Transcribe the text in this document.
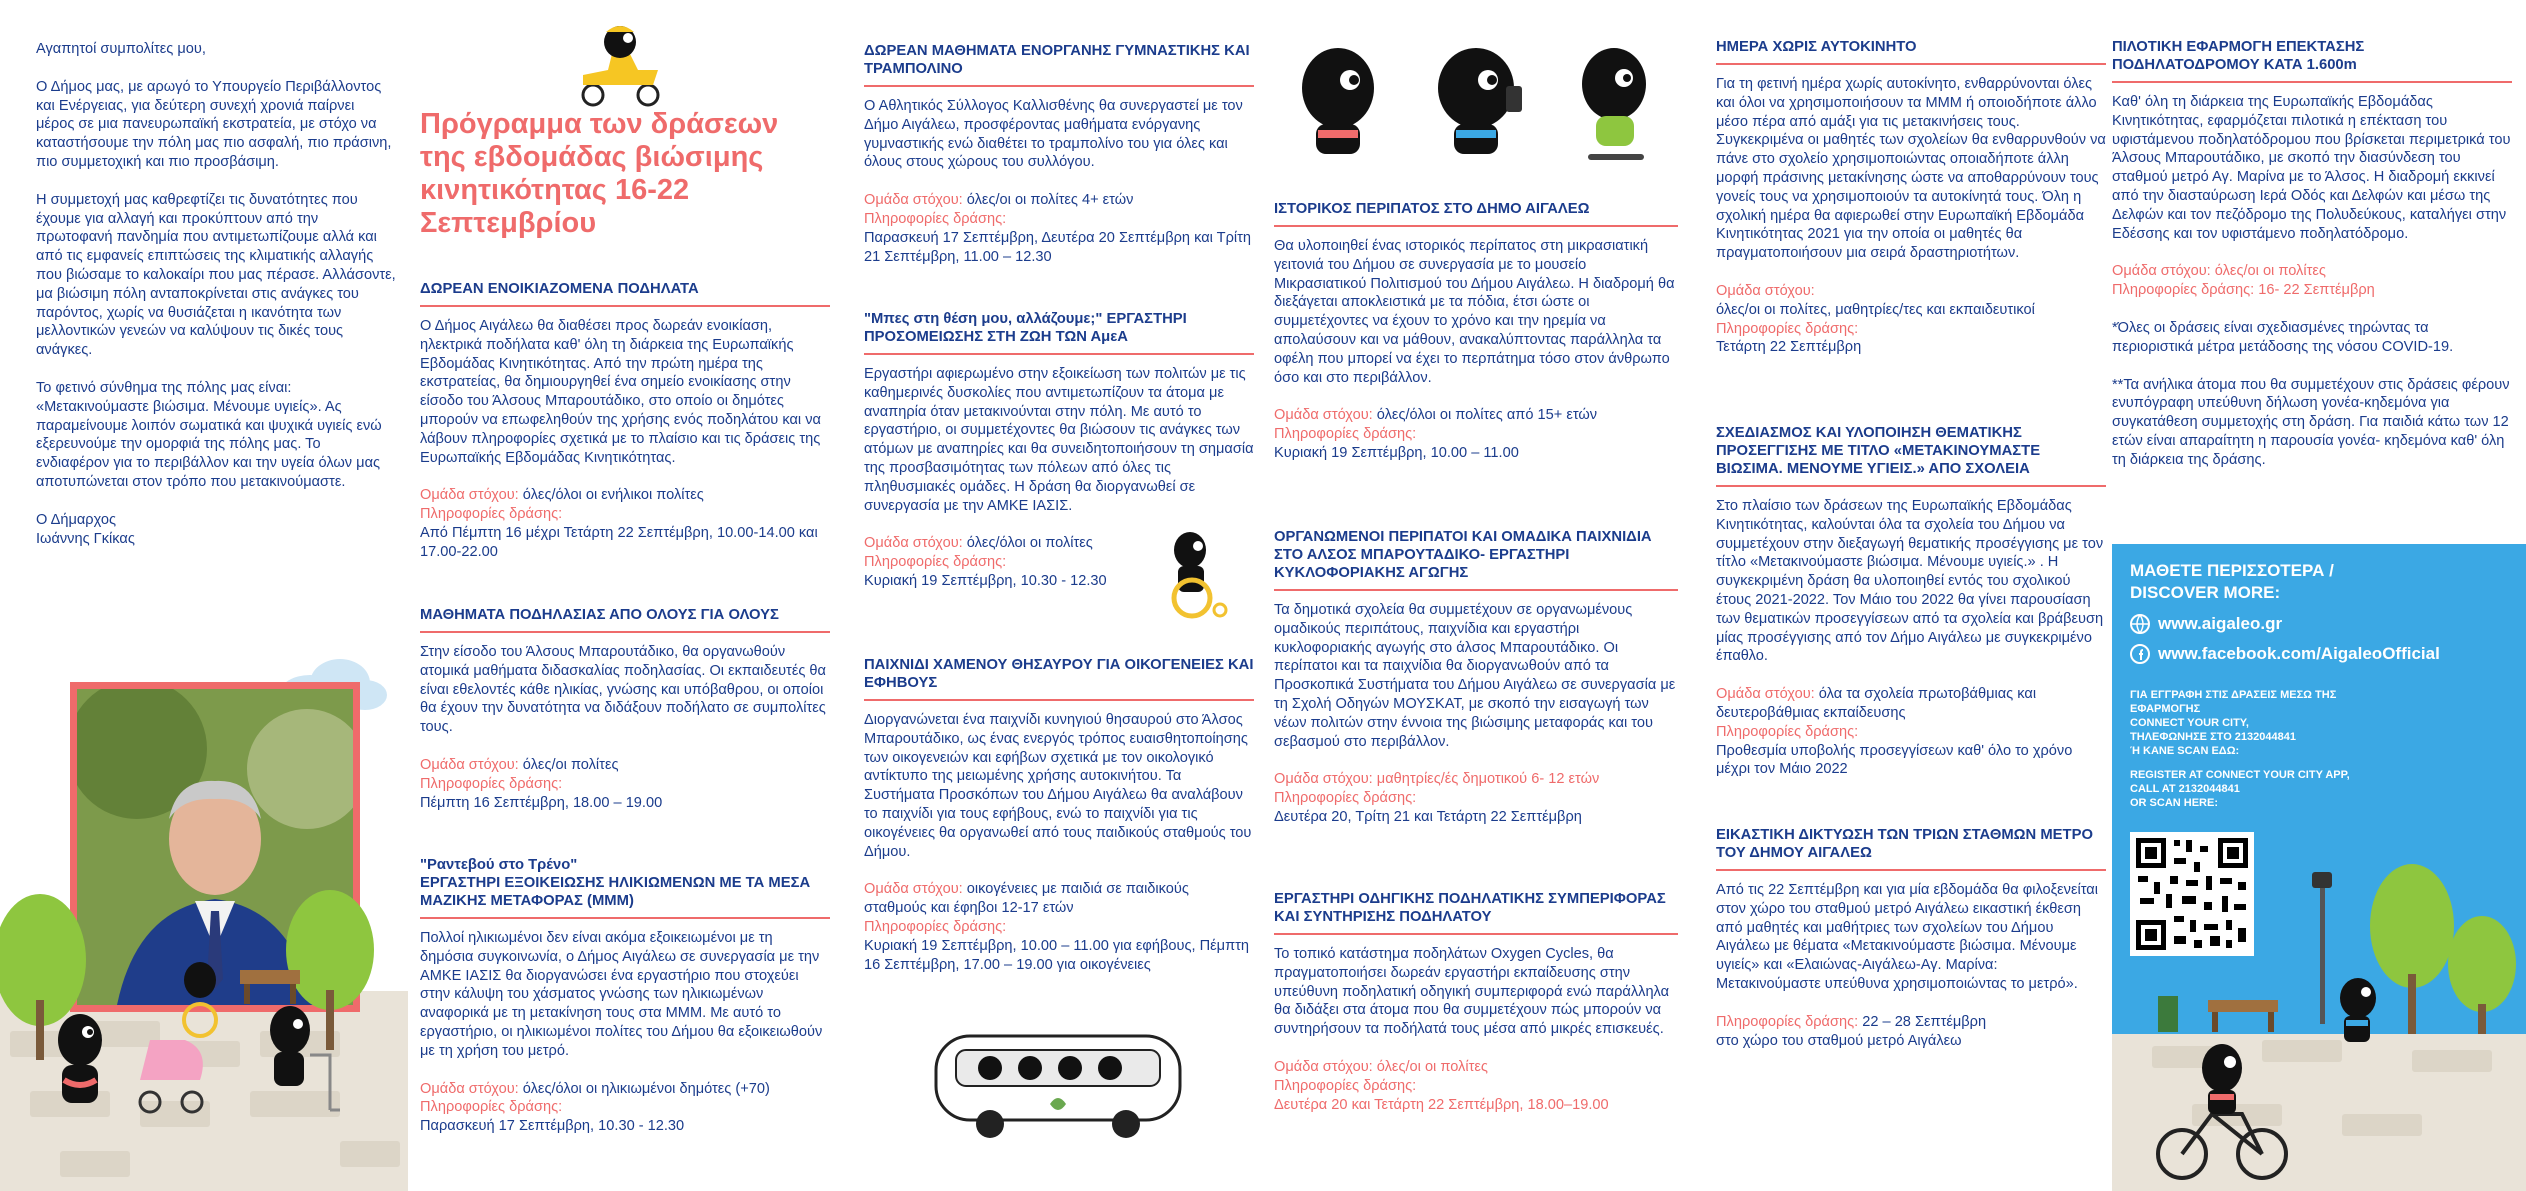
Αγαπητοί συμπολίτες μου,

Ο Δήμος μας, με αρωγό το Υπουργείο Περιβάλλοντος και Ενέργειας, για δεύτερη συνεχή χρονιά παίρνει μέρος σε μια πανευρωπαϊκή εκστρατεία, με στόχο να καταστήσουμε την πόλη μας πιο ασφαλή, πιο πράσινη, πιο συμμετοχική και πιο προσβάσιμη.

Η συμμετοχή μας καθρεφτίζει τις δυνατότητες που έχουμε για αλλαγή και προκύπτουν από την πρωτοφανή πανδημία που αντιμετωπίζουμε αλλά και από τις εμφανείς επιπτώσεις της κλιματικής αλλαγής που βιώσαμε το καλοκαίρι που μας πέρασε. Αλλάσοντε, μα βιώσιμη πόλη ανταποκρίνεται στις ανάγκες του παρόντος, χωρίς να θυσιάζεται η ικανότητα των μελλοντικών γενεών να καλύψουν τις δικές τους ανάγκες.

Το φετινό σύνθημα της πόλης μας είναι: «Μετακινούμαστε βιώσιμα. Μένουμε υγιείς». Ας παραμείνουμε λοιπόν σωματικά και ψυχικά υγιείς ενώ εξερευνούμε την ομορφιά της πόλης μας. Το ενδιαφέρον για το περιβάλλον και την υγεία όλων μας αποτυπώνεται στον τρόπο που μετακινούμαστε.

Ο Δήμαρχος

Ιωάννης Γκίκας

Πρόγραμμα των δράσεων της εβδομάδας βιώσιμης κινητικότητας 16-22 Σεπτεμβρίου
ΔΩΡΕΑΝ ΕΝΟΙΚΙΑΖΟΜΕΝΑ ΠΟΔΗΛΑΤΑ

Ο Δήμος Αιγάλεω θα διαθέσει προς δωρεάν ενοικίαση, ηλεκτρικά ποδήλατα καθ' όλη τη διάρκεια της Ευρωπαϊκής Εβδομάδας Κινητικότητας. Από την πρώτη ημέρα της εκστρατείας, θα δημιουργηθεί ένα σημείο ενοικίασης στην είσοδο του Άλσους Μπαρουτάδικο, στο οποίο οι δημότες μπορούν να επωφεληθούν της χρήσης ενός ποδηλάτου και να λάβουν πληροφορίες σχετικά με το πλαίσιο και τις δράσεις της Ευρωπαϊκής Εβδομάδας Κινητικότητας.

Ομάδα στόχου: όλες/όλοι οι ενήλικοι πολίτες

Πληροφορίες δράσης:

Από Πέμπτη 16 μέχρι Τετάρτη 22 Σεπτέμβρη, 10.00-14.00 και 17.00-22.00

ΜΑΘΗΜΑΤΑ ΠΟΔΗΛΑΣΙΑΣ ΑΠΟ ΟΛΟΥΣ ΓΙΑ ΟΛΟΥΣ

Στην είσοδο του Άλσους Μπαρουτάδικο, θα οργανωθούν ατομικά μαθήματα διδασκαλίας ποδηλασίας. Οι εκπαιδευτές θα είναι εθελοντές κάθε ηλικίας, γνώσης και υπόβαθρου, οι οποίοι θα έχουν την δυνατότητα να διδάξουν ποδήλατο σε συμπολίτες τους.

Ομάδα στόχου: όλες/οι πολίτες

Πληροφορίες δράσης:

Πέμπτη 16 Σεπτέμβρη, 18.00 – 19.00

"Ραντεβού στο Τρένο"

ΕΡΓΑΣΤΗΡΙ ΕΞΟΙΚΕΙΩΣΗΣ ΗΛΙΚΙΩΜΕΝΩΝ ΜΕ ΤΑ ΜΕΣΑ ΜΑΖΙΚΗΣ ΜΕΤΑΦΟΡΑΣ (ΜΜΜ)

Πολλοί ηλικιωμένοι δεν είναι ακόμα εξοικειωμένοι με τη δημόσια συγκοινωνία, ο Δήμος Αιγάλεω σε συνεργασία με την ΑΜΚΕ ΙΑΣΙΣ θα διοργανώσει ένα εργαστήριο που στοχεύει στην κάλυψη του χάσματος γνώσης των ηλικιωμένων αναφορικά με τη μετακίνηση τους στα ΜΜΜ. Με αυτό το εργαστήριο, οι ηλικιωμένοι πολίτες του Δήμου θα εξοικειωθούν με τη χρήση του μετρό.

Ομάδα στόχου: όλες/όλοι οι ηλικιωμένοι δημότες (+70)

Πληροφορίες δράσης:

Παρασκευή 17 Σεπτέμβρη, 10.30 - 12.30

ΔΩΡΕΑΝ ΜΑΘΗΜΑΤΑ ΕΝΟΡΓΑΝΗΣ ΓΥΜΝΑΣΤΙΚΗΣ ΚΑΙ ΤΡΑΜΠΟΛΙΝΟ

Ο Αθλητικός Σύλλογος Καλλισθένης θα συνεργαστεί με τον Δήμο Αιγάλεω, προσφέροντας μαθήματα ενόργανης γυμναστικής ενώ διαθέτει το τραμπολίνο του για όλες και όλους στους χώρους του συλλόγου.

Ομάδα στόχου: όλες/οι οι πολίτες 4+ ετών

Πληροφορίες δράσης:

Παρασκευή 17 Σεπτέμβρη, Δευτέρα 20 Σεπτέμβρη και Τρίτη 21 Σεπτέμβρη, 11.00 – 12.30

"Μπες στη θέση μου, αλλάζουμε;" ΕΡΓΑΣΤΗΡΙ ΠΡΟΣΟΜΕΙΩΣΗΣ ΣΤΗ ΖΩΗ ΤΩΝ ΑμεΑ

Εργαστήρι αφιερωμένο στην εξοικείωση των πολιτών με τις καθημερινές δυσκολίες που αντιμετωπίζουν τα άτομα με αναπηρία όταν μετακινούνται στην πόλη. Με αυτό το εργαστήριο, οι συμμετέχοντες θα βιώσουν τις ανάγκες των ατόμων με αναπηρίες και θα συνειδητοποιήσουν τη σημασία της προσβασιμότητας των πόλεων από όλες τις πληθυσμιακές ομάδες. Η δράση θα διοργανωθεί σε συνεργασία με την ΑΜΚΕ ΙΑΣΙΣ.

Ομάδα στόχου: όλες/όλοι οι πολίτες

Πληροφορίες δράσης:

Κυριακή 19 Σεπτέμβρη, 10.30 - 12.30

ΠΑΙΧΝΙΔΙ ΧΑΜΕΝΟΥ ΘΗΣΑΥΡΟΥ ΓΙΑ ΟΙΚΟΓΕΝΕΙΕΣ ΚΑΙ ΕΦΗΒΟΥΣ

Διοργανώνεται ένα παιχνίδι κυνηγιού θησαυρού στο Άλσος Μπαρουτάδικο, ως ένας ενεργός τρόπος ευαισθητοποίησης των οικογενειών και εφήβων σχετικά με τον οικολογικό αντίκτυπο της μειωμένης χρήσης αυτοκινήτου. Τα Συστήματα Προσκόπων του Δήμου Αιγάλεω θα αναλάβουν το παιχνίδι για τους εφήβους, ενώ το παιχνίδι για τις οικογένειες θα οργανωθεί από τους παιδικούς σταθμούς του Δήμου.

Ομάδα στόχου: οικογένειες με παιδιά σε παιδικούς σταθμούς και έφηβοι 12-17 ετών

Πληροφορίες δράσης:

Κυριακή 19 Σεπτέμβρη, 10.00 – 11.00 για εφήβους, Πέμπτη 16 Σεπτέμβρη, 17.00 – 19.00 για οικογένειες

ΙΣΤΟΡΙΚΟΣ ΠΕΡΙΠΑΤΟΣ ΣΤΟ ΔΗΜΟ ΑΙΓΑΛΕΩ

Θα υλοποιηθεί ένας ιστορικός περίπατος στη μικρασιατική γειτονιά του Δήμου σε συνεργασία με το μουσείο Μικρασιατικού Πολιτισμού του Δήμου Αιγάλεω. Η διαδρομή θα διεξάγεται αποκλειστικά με τα πόδια, έτσι ώστε οι συμμετέχοντες να έχουν το χρόνο και την ηρεμία να απολαύσουν και να μάθουν, ανακαλύπτοντας παράλληλα τα οφέλη που μπορεί να έχει το περπάτημα τόσο στον άνθρωπο όσο και στο περιβάλλον.

Ομάδα στόχου: όλες/όλοι οι πολίτες από 15+ ετών

Πληροφορίες δράσης:

Κυριακή 19 Σεπτέμβρη, 10.00 – 11.00

ΟΡΓΑΝΩΜΕΝΟΙ ΠΕΡΙΠΑΤΟΙ ΚΑΙ ΟΜΑΔΙΚΑ ΠΑΙΧΝΙΔΙΑ ΣΤΟ ΑΛΣΟΣ ΜΠΑΡΟΥΤΑΔΙΚΟ- ΕΡΓΑΣΤΗΡΙ ΚΥΚΛΟΦΟΡΙΑΚΗΣ ΑΓΩΓΗΣ

Τα δημοτικά σχολεία θα συμμετέχουν σε οργανωμένους ομαδικούς περιπάτους, παιχνίδια και εργαστήρι κυκλοφοριακής αγωγής στο άλσος Μπαρουτάδικο. Οι περίπατοι και τα παιχνίδια θα διοργανωθούν από τα Προσκοπικά Συστήματα του Δήμου Αιγάλεω σε συνεργασία με τη Σχολή Οδηγών ΜΟΥΣΚΑΤ, με σκοπό την εισαγωγή των νέων πολιτών στην έννοια της βιώσιμης μεταφοράς και του σεβασμού στο περιβάλλον.

Ομάδα στόχου: μαθητρίες/ές δημοτικού 6- 12 ετών

Πληροφορίες δράσης:

Δευτέρα 20, Τρίτη 21 και Τετάρτη 22 Σεπτέμβρη

ΕΡΓΑΣΤΗΡΙ ΟΔΗΓΙΚΗΣ ΠΟΔΗΛΑΤΙΚΗΣ ΣΥΜΠΕΡΙΦΟΡΑΣ ΚΑΙ ΣΥΝΤΗΡΙΣΗΣ ΠΟΔΗΛΑΤΟΥ

Το τοπικό κατάστημα ποδηλάτων Oxygen Cycles, θα πραγματοποιήσει δωρεάν εργαστήρι εκπαίδευσης στην υπεύθυνη ποδηλατική οδηγική συμπεριφορά ενώ παράλληλα θα διδάξει στα άτομα που θα συμμετέχουν πώς μπορούν να συντηρήσουν τα ποδήλατά τους μέσα από μικρές επισκευές.

Ομάδα στόχου: όλες/οι οι πολίτες

Πληροφορίες δράσης:

Δευτέρα 20 και Τετάρτη 22 Σεπτέμβρη, 18.00–19.00

ΗΜΕΡΑ ΧΩΡΙΣ ΑΥΤΟΚΙΝΗΤΟ

Για τη φετινή ημέρα χωρίς αυτοκίνητο, ενθαρρύνονται όλες και όλοι να χρησιμοποιήσουν τα ΜΜΜ ή οποιοδήποτε άλλο μέσο πέρα από αμάξι για τις μετακινήσεις τους. Συγκεκριμένα οι μαθητές των σχολείων θα ενθαρρυνθούν να πάνε στο σχολείο χρησιμοποιώντας οποιαδήποτε άλλη μορφή πράσινης μετακίνησης ώστε να αποθαρρύνουν τους γονείς τους να χρησιμοποιούν τα αυτοκίνητά τους. Όλη η σχολική ημέρα θα αφιερωθεί στην Ευρωπαϊκή Εβδομάδα Κινητικότητας 2021 για την οποία οι μαθητές θα πραγματοποιήσουν μια σειρά δραστηριοτήτων.

Ομάδα στόχου:

όλες/οι οι πολίτες, μαθητρίες/τες και εκπαιδευτικοί

Πληροφορίες δράσης:

Τετάρτη 22 Σεπτέμβρη

ΣΧΕΔΙΑΣΜΟΣ ΚΑΙ ΥΛΟΠΟΙΗΣΗ ΘΕΜΑΤΙΚΗΣ ΠΡΟΣΕΓΓΙΣΗΣ ΜΕ ΤΙΤΛΟ «ΜΕΤΑΚΙΝΟΥΜΑΣΤΕ ΒΙΩΣΙΜΑ. ΜΕΝΟΥΜΕ ΥΓΙΕΙΣ.» ΑΠΟ ΣΧΟΛΕΙΑ

Στο πλαίσιο των δράσεων της Ευρωπαϊκής Εβδομάδας Κινητικότητας, καλούνται όλα τα σχολεία του Δήμου να συμμετέχουν στην διεξαγωγή θεματικής προσέγγισης με τον τίτλο «Μετακινούμαστε βιώσιμα. Μένουμε υγιείς.» . Η συγκεκριμένη δράση θα υλοποιηθεί εντός του σχολικού έτους 2021-2022. Τον Μάιο του 2022 θα γίνει παρουσίαση των θεματικών προσεγγίσεων από τα σχολεία και βράβευση μίας προσέγγισης από τον Δήμο Αιγάλεω με συγκεκριμένο έπαθλο.

Ομάδα στόχου: όλα τα σχολεία πρωτοβάθμιας και δευτεροβάθμιας εκπαίδευσης

Πληροφορίες δράσης:

Προθεσμία υποβολής προσεγγίσεων καθ' όλο το χρόνο μέχρι τον Μάιο 2022

ΕΙΚΑΣΤΙΚΗ ΔΙΚΤΥΩΣΗ ΤΩΝ ΤΡΙΩΝ ΣΤΑΘΜΩΝ ΜΕΤΡΟ ΤΟΥ ΔΗΜΟΥ ΑΙΓΑΛΕΩ

Από τις 22 Σεπτέμβρη και για μία εβδομάδα θα φιλοξενείται στον χώρο του σταθμού μετρό Αιγάλεω εικαστική έκθεση από μαθητές και μαθήτριες των σχολείων του Δήμου Αιγάλεω με θέματα «Μετακινούμαστε βιώσιμα. Μένουμε υγιείς» και «Ελαιώνας-Αιγάλεω-Αγ. Μαρίνα: Μετακινούμαστε υπεύθυνα χρησιμοποιώντας το μετρό».

Πληροφορίες δράσης: 22 – 28 Σεπτέμβρη

στο χώρο του σταθμού μετρό Αιγάλεω

ΠΙΛΟΤΙΚΗ ΕΦΑΡΜΟΓΗ ΕΠΕΚΤΑΣΗΣ ΠΟΔΗΛΑΤΟΔΡΟΜΟΥ ΚΑΤΑ 1.600m

Καθ' όλη τη διάρκεια της Ευρωπαϊκής Εβδομάδας Κινητικότητας, εφαρμόζεται πιλοτικά η επέκταση του υφιστάμενου ποδηλατόδρομου που βρίσκεται περιμετρικά του Άλσους Μπαρουτάδικο, με σκοπό την διασύνδεση του σταθμού μετρό Αγ. Μαρίνα με το Άλσος. Η διαδρομή εκκινεί από την διασταύρωση Ιερά Οδός και Δελφών και μέσω της Δελφών και τον πεζόδρομο της Πολυδεύκους, καταλήγει στην Εδέσσης και τον υφιστάμενο ποδηλατόδρομο.

Ομάδα στόχου: όλες/οι οι πολίτες

Πληροφορίες δράσης: 16- 22 Σεπτέμβρη

*Όλες οι δράσεις είναι σχεδιασμένες τηρώντας τα περιοριστικά μέτρα μετάδοσης της νόσου COVID-19.

**Τα ανήλικα άτομα που θα συμμετέχουν στις δράσεις φέρουν ενυπόγραφη υπεύθυνη δήλωση γονέα-κηδεμόνα για συγκατάθεση συμμετοχής στη δράση. Για παιδιά κάτω των 12 ετών είναι απαραίτητη η παρουσία γονέα- κηδεμόνα καθ' όλη τη διάρκεια της δράσης.

ΜΑΘΕΤΕ ΠΕΡΙΣΣΟΤΕΡΑ /

DISCOVER MORE:

www.aigaleo.gr
www.facebook.com/AigaleoOfficial

ΓΙΑ ΕΓΓΡΑΦΗ ΣΤΙΣ ΔΡΑΣΕΙΣ ΜΕΣΩ ΤΗΣ ΕΦΑΡΜΟΓΗΣ

CONNECT YOUR CITY,

ΤΗΛΕΦΩΝΗΣΕ ΣΤΟ 2132044841

Ή ΚΑΝΕ SCAN ΕΔΩ:

REGISTER AT CONNECT YOUR CITY APP,

CALL AT 2132044841

OR SCAN HERE:
